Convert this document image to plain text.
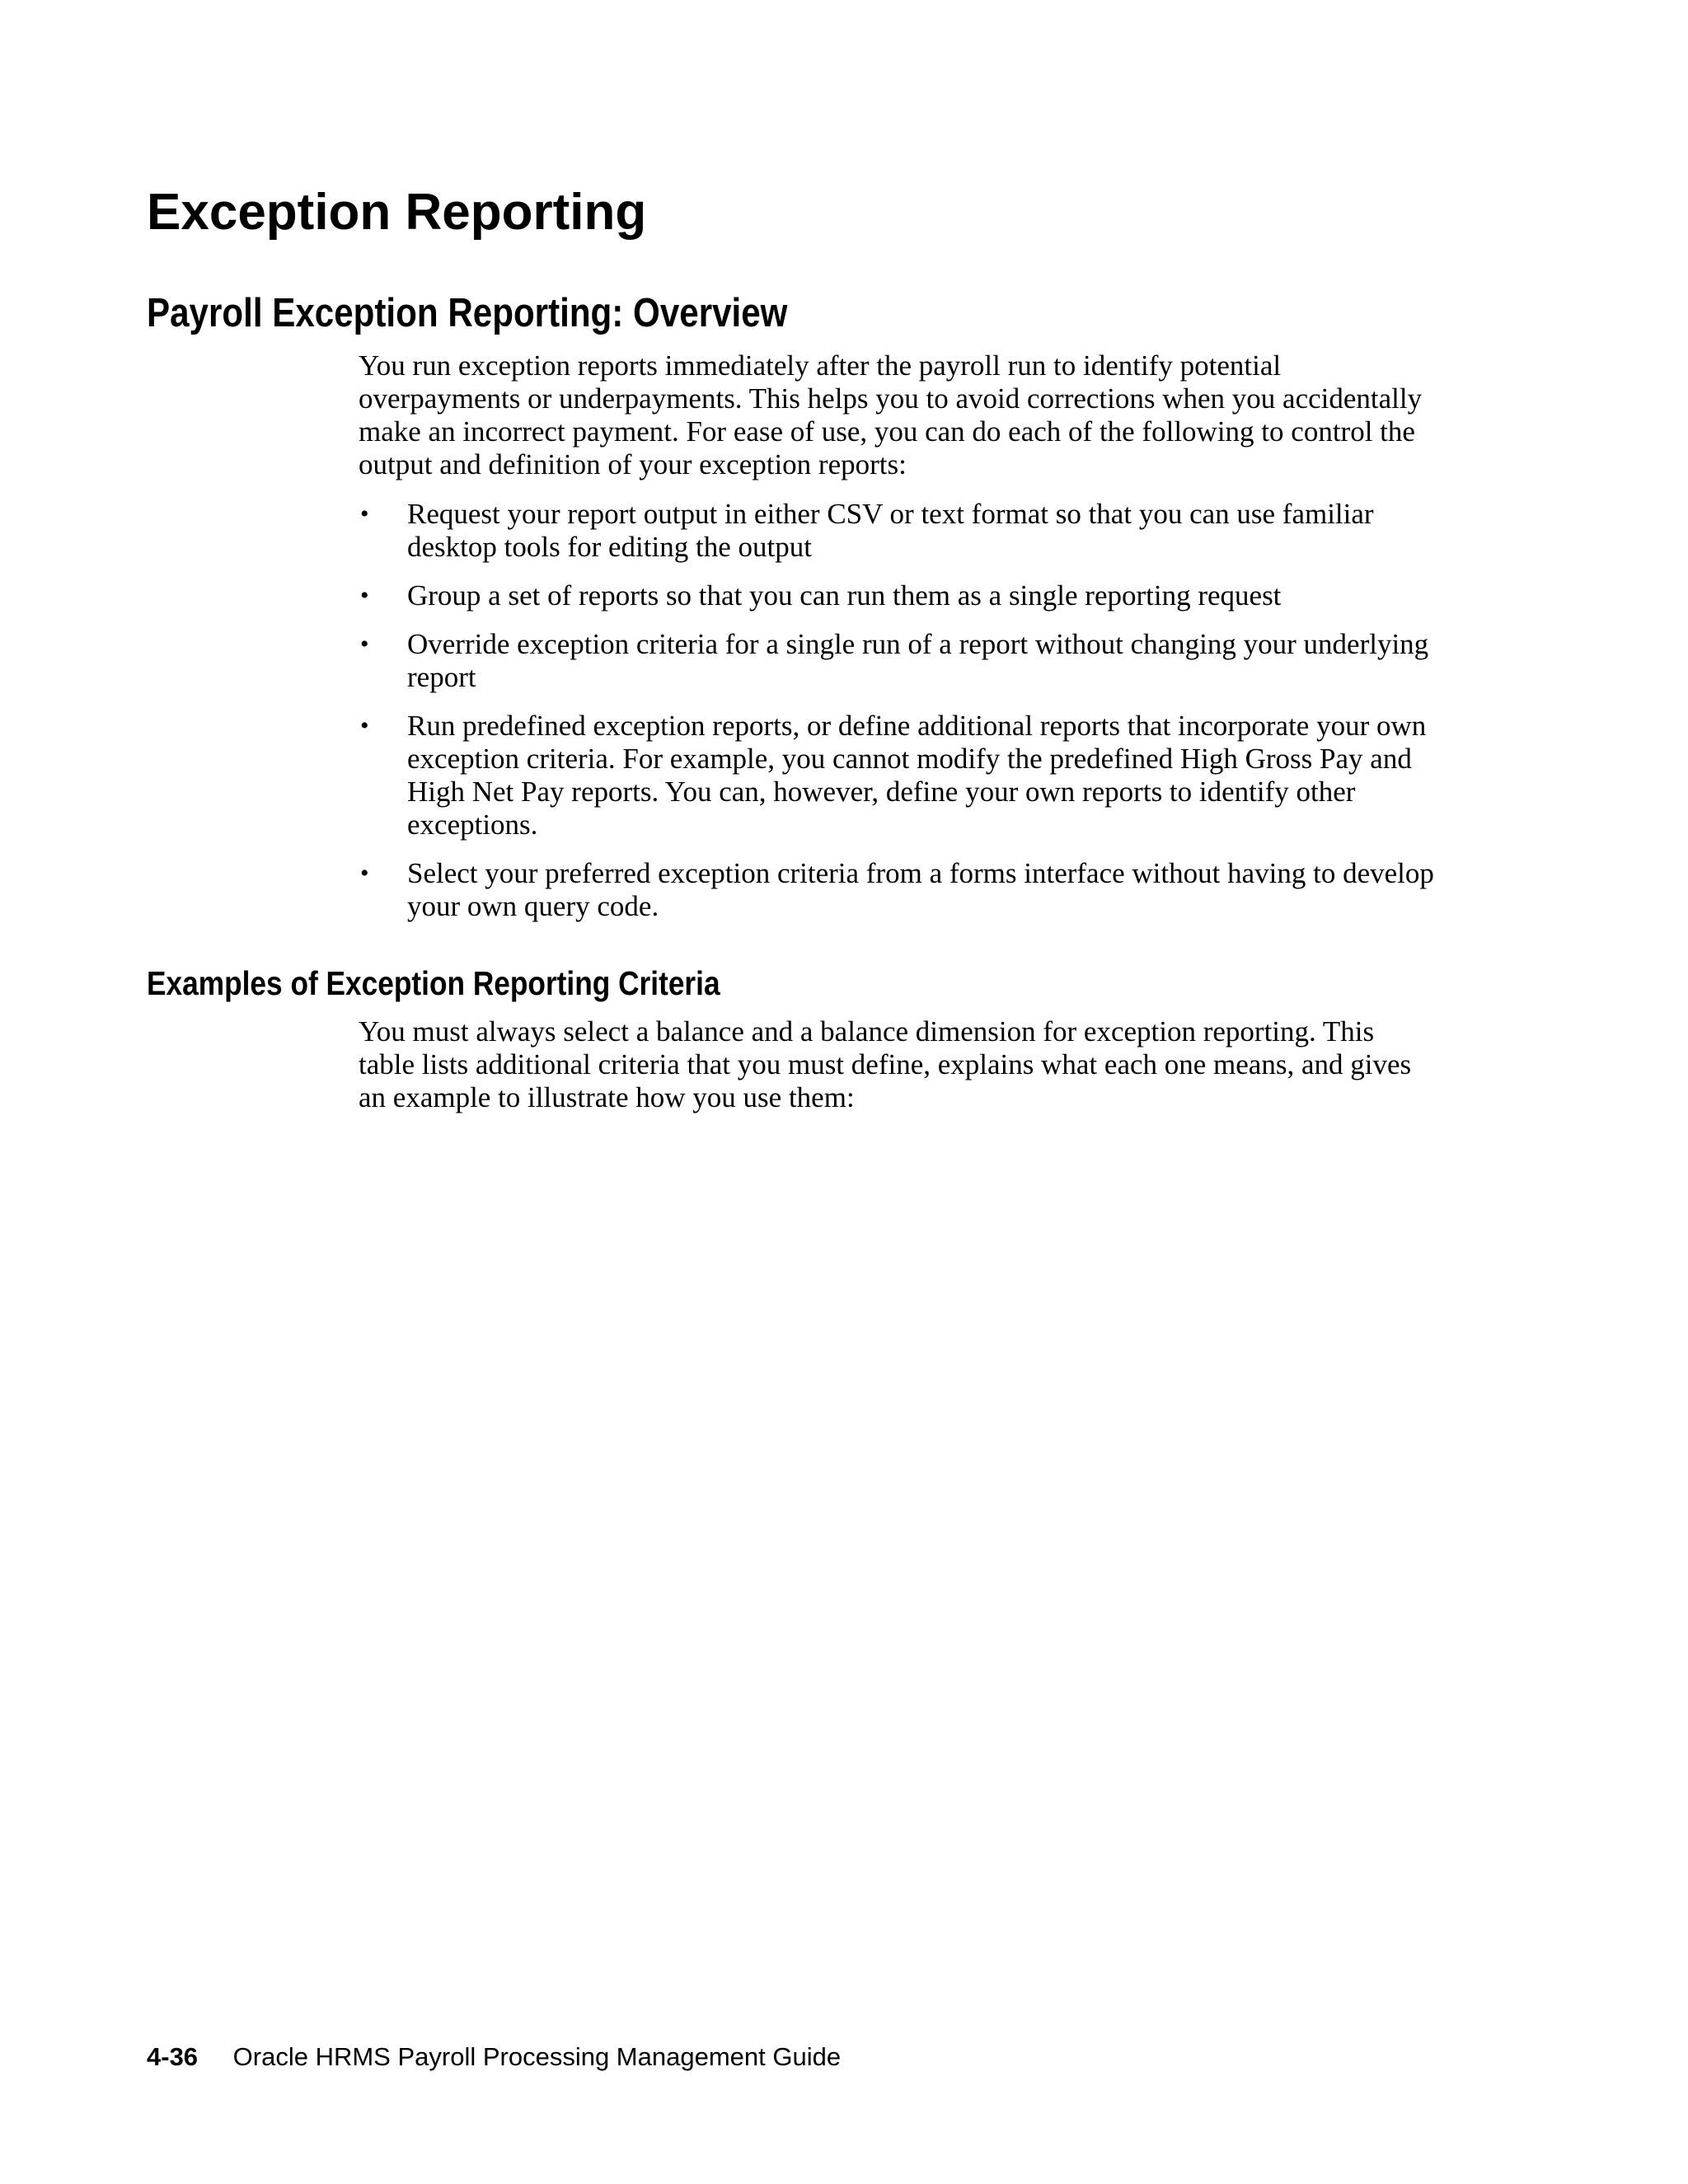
Exception Reporting
Payroll Exception Reporting: Overview

You run exception reports immediately after the payroll run to identify potential overpayments or underpayments. This helps you to avoid corrections when you accidentally make an incorrect payment. For ease of use, you can do each of the following to control the output and definition of your exception reports:

• Request your report output in either CSV or text format so that you can use familiar desktop tools for editing the output
• Group a set of reports so that you can run them as a single reporting request
• Override exception criteria for a single run of a report without changing your underlying report
• Run predefined exception reports, or define additional reports that incorporate your own exception criteria. For example, you cannot modify the predefined High Gross Pay and High Net Pay reports. You can, however, define your own reports to identify other exceptions.
• Select your preferred exception criteria from a forms interface without having to develop your own query code.
Examples of Exception Reporting Criteria

You must always select a balance and a balance dimension for exception reporting. This table lists additional criteria that you must define, explains what each one means, and gives an example to illustrate how you use them:

4-36 Oracle HRMS Payroll Processing Management Guide
